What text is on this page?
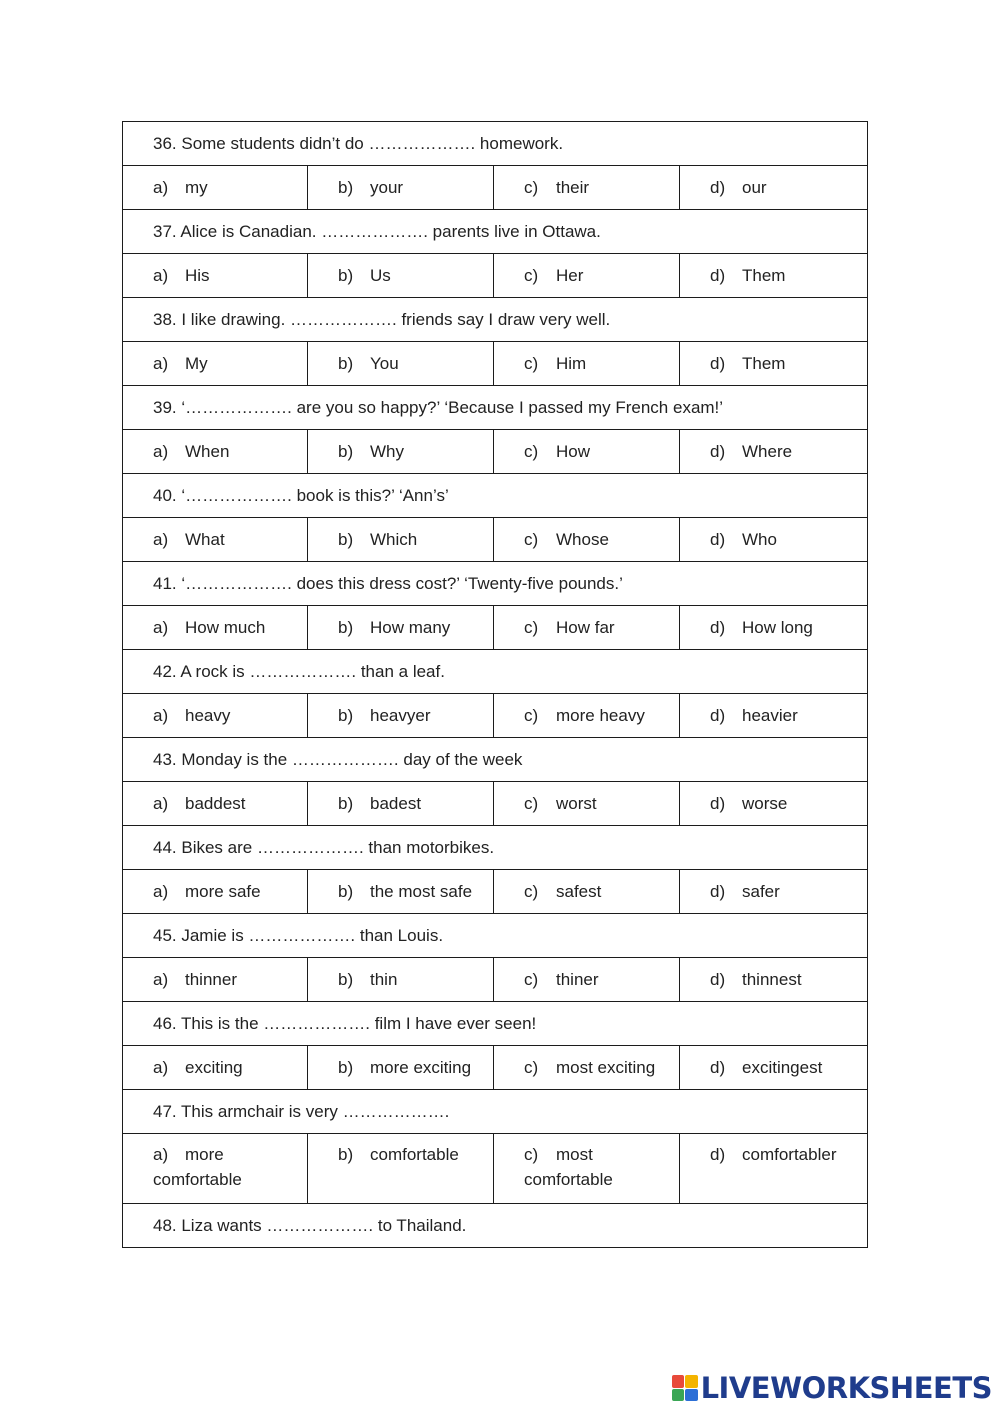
36. Some students didn’t do ………………. homework.			

a) my	b) your	c) their	d) our

37. Alice is Canadian. ………………. parents live in Ottawa.			

a) His	b) Us	c) Her	d) Them

38. I like drawing. ………………. friends say I draw very well.			

a) My	b) You	c) Him	d) Them

39. ‘………………. are you so happy?’ ‘Because I passed my French exam!’			

a) When	b) Why	c) How	d) Where

40. ‘………………. book is this?’ ‘Ann’s’			

a) What	b) Which	c) Whose	d) Who

41. ‘………………. does this dress cost?’ ‘Twenty-five pounds.’			

a) How much	b) How many	c) How far	d) How long

42. A rock is ………………. than a leaf.			

a) heavy	b) heavyer	c) more heavy	d) heavier

43. Monday is the ………………. day of the week			

a) baddest	b) badest	c) worst	d) worse

44. Bikes are ………………. than motorbikes.			

a) more safe	b) the most safe	c) safest	d) safer

45. Jamie is ………………. than Louis.			

a) thinner	b) thin	c) thiner	d) thinnest

46. This is the ………………. film I have ever seen!			

a) exciting	b) more exciting	c) most exciting	d) excitingest

47. This armchair is very ……………….			

a) more comfortable	b) comfortable	c) most comfortable	d) comfortabler

48. Liza wants ………………. to Thailand.			
LIVEWORKSHEETS
